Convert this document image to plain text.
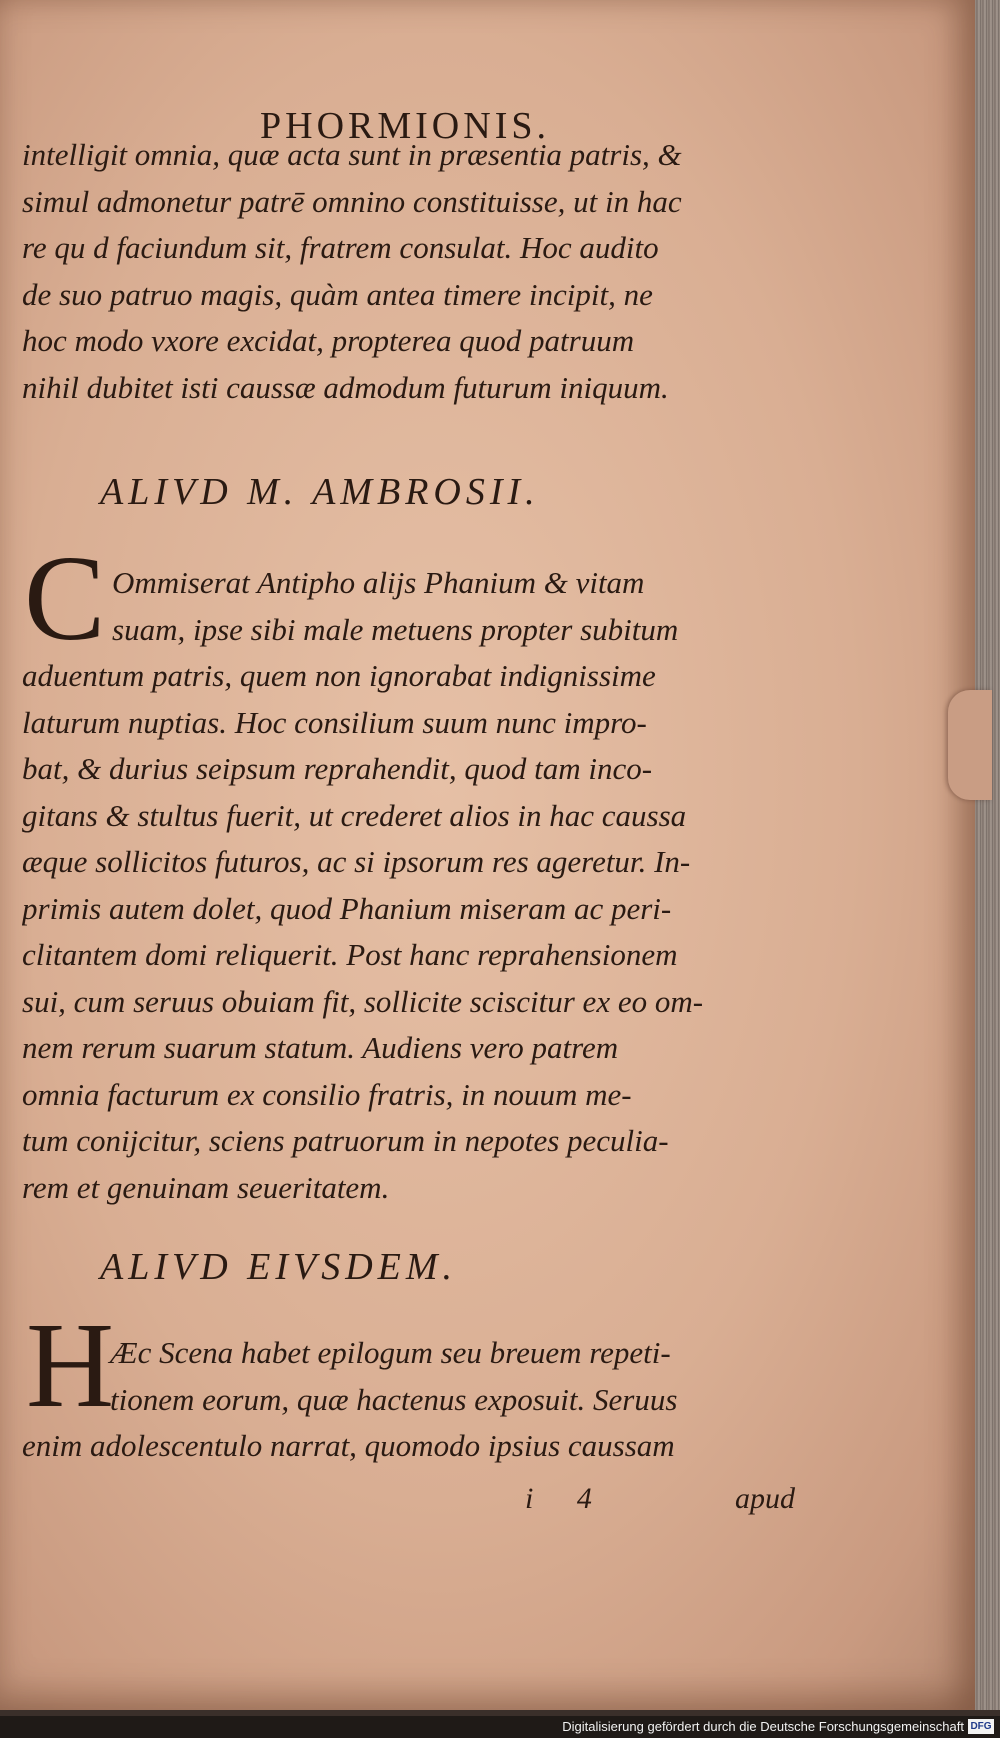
PHORMIONIS.
intelligit omnia, quæ acta sunt in præsentia patris, &
simul admonetur patrē omnino constituisse, ut in hac
re qu d faciundum sit, fratrem consulat. Hoc audito
de suo patruo magis, quàm antea timere incipit, ne
hoc modo vxore excidat, propterea quod patruum
nihil dubitet isti caussæ admodum futurum iniquum.
ALIVD M. AMBROSII.
C Ommiserat Antipho alijs Phanium & vitam
suam, ipse sibi male metuens propter subitum
aduentum patris, quem non ignorabat indignissime
laturum nuptias. Hoc consilium suum nunc impro-
bat, & durius seipsum reprahendit, quod tam inco-
gitans & stultus fuerit, ut crederet alios in hac caussa
æque sollicitos futuros, ac si ipsorum res ageretur. In-
primis autem dolet, quod Phanium miseram ac peri-
clitantem domi reliquerit. Post hanc reprahensionem
sui, cum seruus obuiam fit, sollicite sciscitur ex eo om-
nem rerum suarum statum. Audiens vero patrem
omnia facturum ex consilio fratris, in nouum me-
tum conijcitur, sciens patruorum in nepotes peculia-
rem et genuinam seueritatem.
ALIVD EIVSDEM.
H
Æc Scena habet epilogum seu breuem repeti-
tionem eorum, quæ hactenus exposuit. Seruus
enim adolescentulo narrat, quomodo ipsius caussam
i 4	apud
Digitalisierung gefördert durch die Deutsche Forschungsgemeinschaft DFG
